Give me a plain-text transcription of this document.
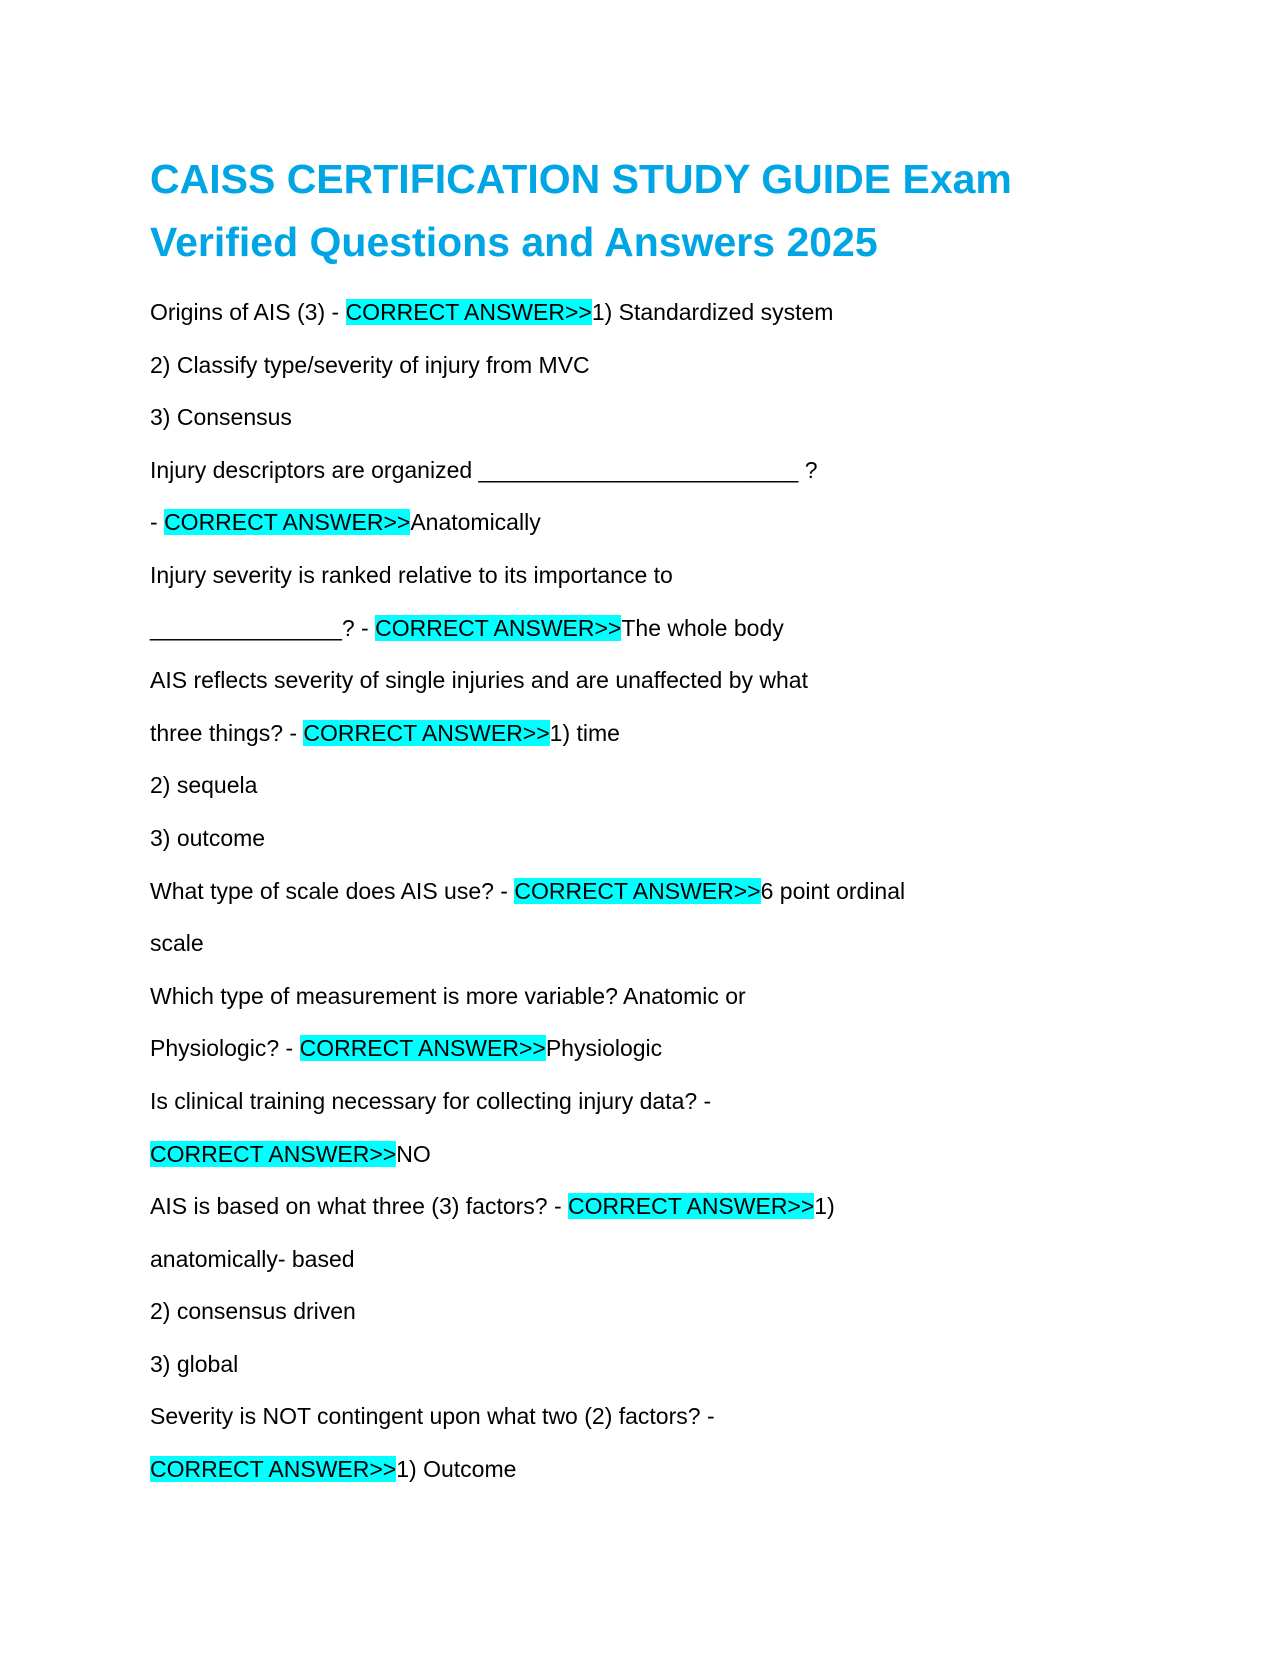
CAISS CERTIFICATION STUDY GUIDE Exam
Verified Questions and Answers 2025
Origins of AIS (3) - CORRECT ANSWER>>1) Standardized system
2) Classify type/severity of injury from MVC
3) Consensus
Injury descriptors are organized _________________________ ?
- CORRECT ANSWER>>Anatomically
Injury severity is ranked relative to its importance to
_______________? - CORRECT ANSWER>>The whole body
AIS reflects severity of single injuries and are unaffected by what
three things? - CORRECT ANSWER>>1) time
2) sequela
3) outcome
What type of scale does AIS use? - CORRECT ANSWER>>6 point ordinal
scale
Which type of measurement is more variable? Anatomic or
Physiologic? - CORRECT ANSWER>>Physiologic
Is clinical training necessary for collecting injury data? -
CORRECT ANSWER>>NO
AIS is based on what three (3) factors? - CORRECT ANSWER>>1)
anatomically- based
2) consensus driven
3) global
Severity is NOT contingent upon what two (2) factors? -
CORRECT ANSWER>>1) Outcome
